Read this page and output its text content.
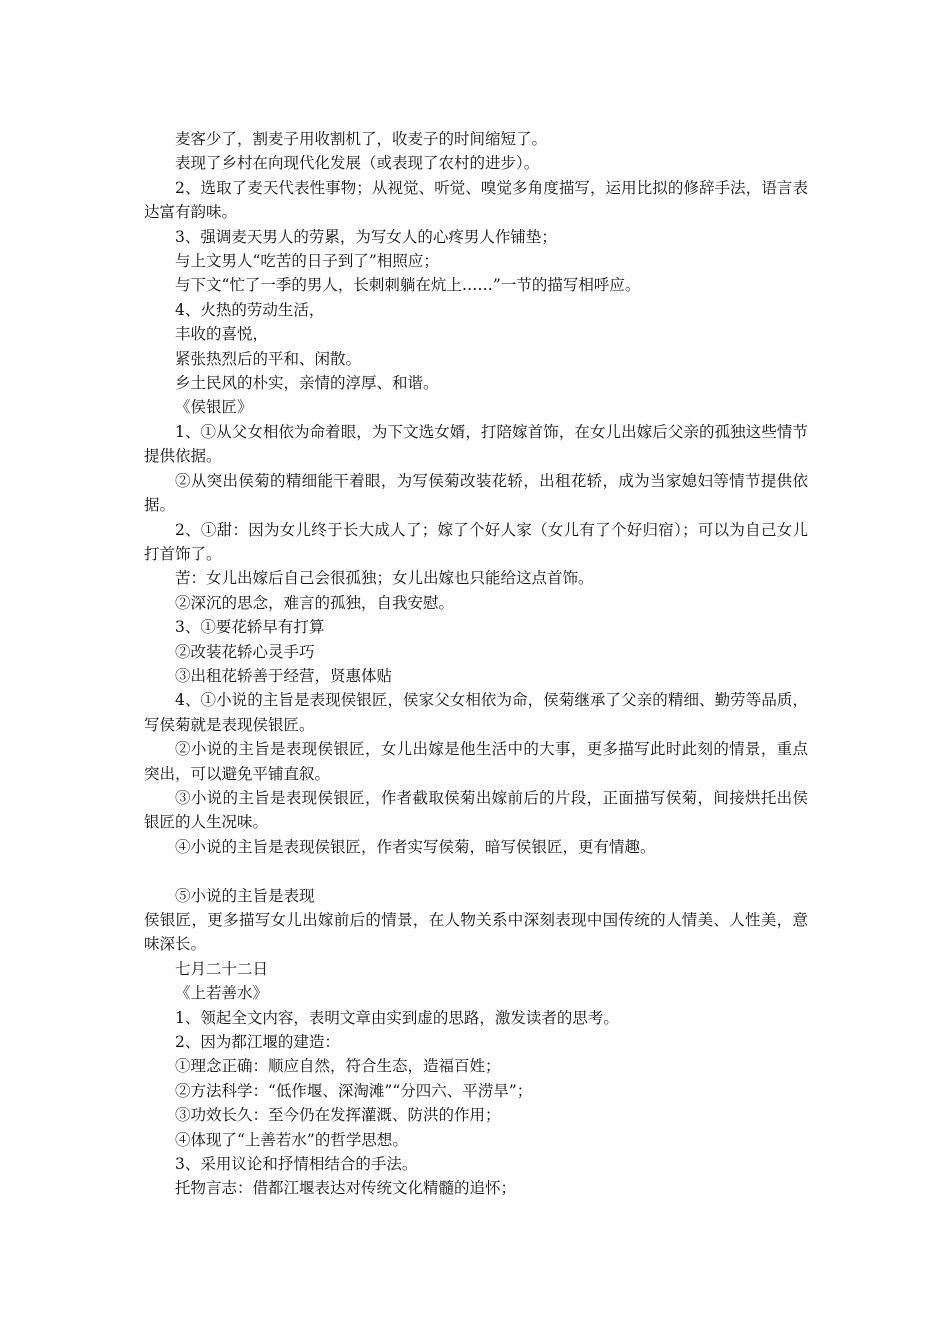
麦客少了，割麦子用收割机了，收麦子的时间缩短了。

表现了乡村在向现代化发展（或表现了农村的进步）。

2、选取了麦天代表性事物；从视觉、听觉、嗅觉多角度描写，运用比拟的修辞手法，语言表达富有韵味。

3、强调麦天男人的劳累，为写女人的心疼男人作铺垫；

与上文男人“吃苦的日子到了”相照应；

与下文“忙了一季的男人，长刺刺躺在炕上……”一节的描写相呼应。

4、火热的劳动生活，

丰收的喜悦，

紧张热烈后的平和、闲散。

乡土民风的朴实，亲情的淳厚、和谐。

《侯银匠》

1、①从父女相依为命着眼，为下文选女婿，打陪嫁首饰，在女儿出嫁后父亲的孤独这些情节提供依据。

②从突出侯菊的精细能干着眼，为写侯菊改装花轿，出租花轿，成为当家媳妇等情节提供依据。

2、①甜：因为女儿终于长大成人了；嫁了个好人家（女儿有了个好归宿）；可以为自己女儿打首饰了。

苦：女儿出嫁后自己会很孤独；女儿出嫁也只能给这点首饰。

②深沉的思念，难言的孤独，自我安慰。

3、①要花轿早有打算

②改装花轿心灵手巧

③出租花轿善于经营，贤惠体贴

4、①小说的主旨是表现侯银匠，侯家父女相依为命，侯菊继承了父亲的精细、勤劳等品质，写侯菊就是表现侯银匠。

②小说的主旨是表现侯银匠，女儿出嫁是他生活中的大事，更多描写此时此刻的情景，重点突出，可以避免平铺直叙。

③小说的主旨是表现侯银匠，作者截取侯菊出嫁前后的片段，正面描写侯菊，间接烘托出侯银匠的人生况味。

④小说的主旨是表现侯银匠，作者实写侯菊，暗写侯银匠，更有情趣。

⑤小说的主旨是表现

侯银匠，更多描写女儿出嫁前后的情景，在人物关系中深刻表现中国传统的人情美、人性美，意味深长。

七月二十二日

《上若善水》

1、领起全文内容，表明文章由实到虚的思路，激发读者的思考。

2、因为都江堰的建造：

①理念正确：顺应自然，符合生态，造福百姓；

②方法科学：“低作堰、深淘滩”“分四六、平涝旱”；

③功效长久：至今仍在发挥灌溉、防洪的作用；

④体现了“上善若水”的哲学思想。

3、采用议论和抒情相结合的手法。

托物言志：借都江堰表达对传统文化精髓的追怀；
